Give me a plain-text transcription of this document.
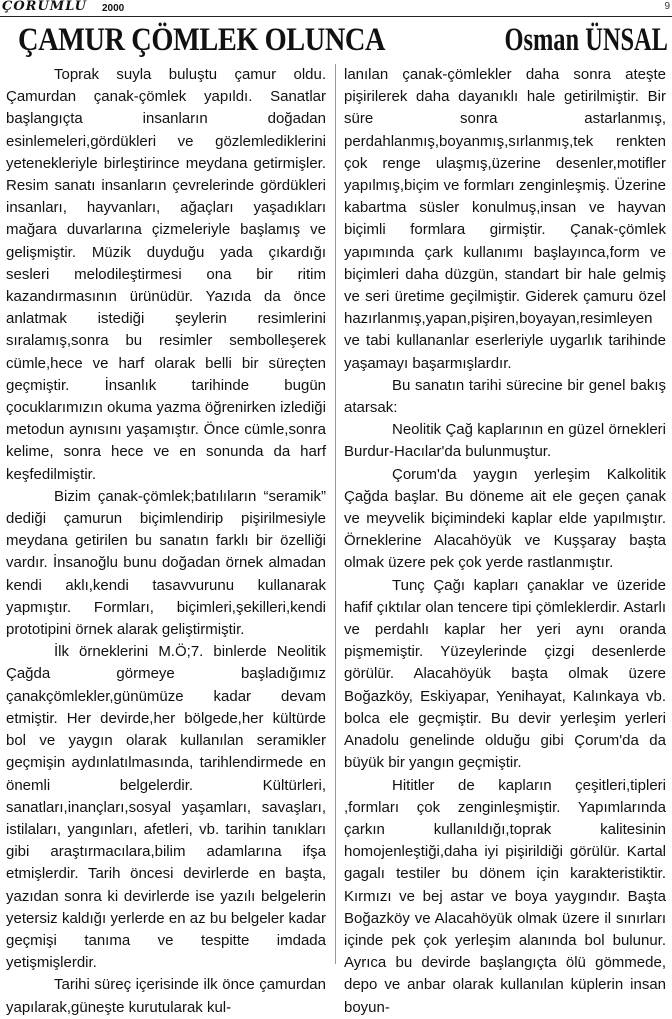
ÇORUMLU 2000	9
ÇAMUR ÇÖMLEK OLUNCA	Osman ÜNSAL

Toprak suyla buluştu çamur oldu. Çamurdan çanak-çömlek yapıldı. Sanatlar başlangıçta insanların doğadan esinlemeleri,gördükleri ve gözlemlediklerini yetenekleriyle birleştirince meydana getirmişler. Resim sanatı insanların çevrelerinde gördükleri insanları, hayvanları, ağaçları yaşadıkları mağara duvarlarına çizmeleriyle başlamış ve gelişmiştir. Müzik duyduğu yada çıkardığı sesleri melodileştirmesi ona bir ritim kazandırmasının ürünüdür. Yazıda da önce anlatmak istediği şeylerin resimlerini sıralamış,sonra bu resimler sembolleşerek cümle,hece ve harf olarak belli bir süreçten geçmiştir. İnsanlık tarihinde bugün çocuklarımızın okuma yazma öğrenirken izlediği metodun aynısını yaşamıştır. Önce cümle,sonra kelime, sonra hece ve en sonunda da harf keşfedilmiştir.

Bizim çanak-çömlek;batılıların “seramik” dediği çamurun biçimlendirip pişirilmesiyle meydana getirilen bu sanatın farklı bir özelliği vardır. İnsanoğlu bunu doğadan örnek almadan kendi aklı,kendi tasavvurunu kullanarak yapmıştır. Formları, biçimleri,şekilleri,kendi prototipini örnek alarak geliştirmiştir.

İlk örneklerini M.Ö;7. binlerde Neolitik Çağda görmeye başladığımız çanakçömlekler,günümüze kadar devam etmiştir. Her devirde,her bölgede,her kültürde bol ve yaygın olarak kullanılan seramikler geçmişin aydınlatılmasında, tarihlendirmede en önemli belgelerdir. Kültürleri, sanatları,inançları,sosyal yaşamları, savaşları, istilaları, yangınları, afetleri, vb. tarihin tanıkları gibi araştırmacılara,bilim adamlarına ifşa etmişlerdir. Tarih öncesi devirlerde en başta, yazıdan sonra ki devirlerde ise yazılı belgelerin yetersiz kaldığı yerlerde en az bu belgeler kadar geçmişi tanıma ve tespitte imdada yetişmişlerdir.

Tarihi süreç içerisinde ilk önce çamurdan yapılarak,güneşte kurutularak kul-

lanılan çanak-çömlekler daha sonra ateşte pişirilerek daha dayanıklı hale getirilmiştir. Bir süre sonra astarlanmış, perdahlanmış,boyanmış,sırlanmış,tek renkten çok renge ulaşmış,üzerine desenler,motifler yapılmış,biçim ve formları zenginleşmiş. Üzerine kabartma süsler konulmuş,insan ve hayvan biçimli formlara girmiştir. Çanak-çömlek yapımında çark kullanımı başlayınca,form ve biçimleri daha düzgün, standart bir hale gelmiş ve seri üretime geçilmiştir. Giderek çamuru özel hazırlanmış,yapan,pişiren,boyayan,resimleyen ve tabi kullananlar eserleriyle uygarlık tarihinde yaşamayı başarmışlardır.

Bu sanatın tarihi sürecine bir genel bakış atarsak:

Neolitik Çağ kaplarının en güzel örnekleri Burdur-Hacılar'da bulunmuştur.

Çorum'da yaygın yerleşim Kalkolitik Çağda başlar. Bu döneme ait ele geçen çanak ve meyvelik biçimindeki kaplar elde yapılmıştır. Örneklerine Alacahöyük ve Kuşşaray başta olmak üzere pek çok yerde rastlanmıştır.

Tunç Çağı kapları çanaklar ve üzeride hafif çıktılar olan tencere tipi çömleklerdir. Astarlı ve perdahlı kaplar her yeri aynı oranda pişmemiştir. Yüzeylerinde çizgi desenlerde görülür. Alacahöyük başta olmak üzere Boğazköy, Eskiyapar, Yenihayat, Kalınkaya vb. bolca ele geçmiştir. Bu devir yerleşim yerleri Anadolu genelinde olduğu gibi Çorum'da da büyük bir yangın geçmiştir.

Hititler de kapların çeşitleri,tipleri ,formları çok zenginleşmiştir. Yapımlarında çarkın kullanıldığı,toprak kalitesinin homojenleştiği,daha iyi pişirildiği görülür. Kartal gagalı testiler bu dönem için karakteristiktir. Kırmızı ve bej astar ve boya yaygındır. Başta Boğazköy ve Alacahöyük olmak üzere il sınırları içinde pek çok yerleşim alanında bol bulunur. Ayrıca bu devirde başlangıçta ölü gömmede, depo ve anbar olarak kullanılan küplerin insan boyun-
